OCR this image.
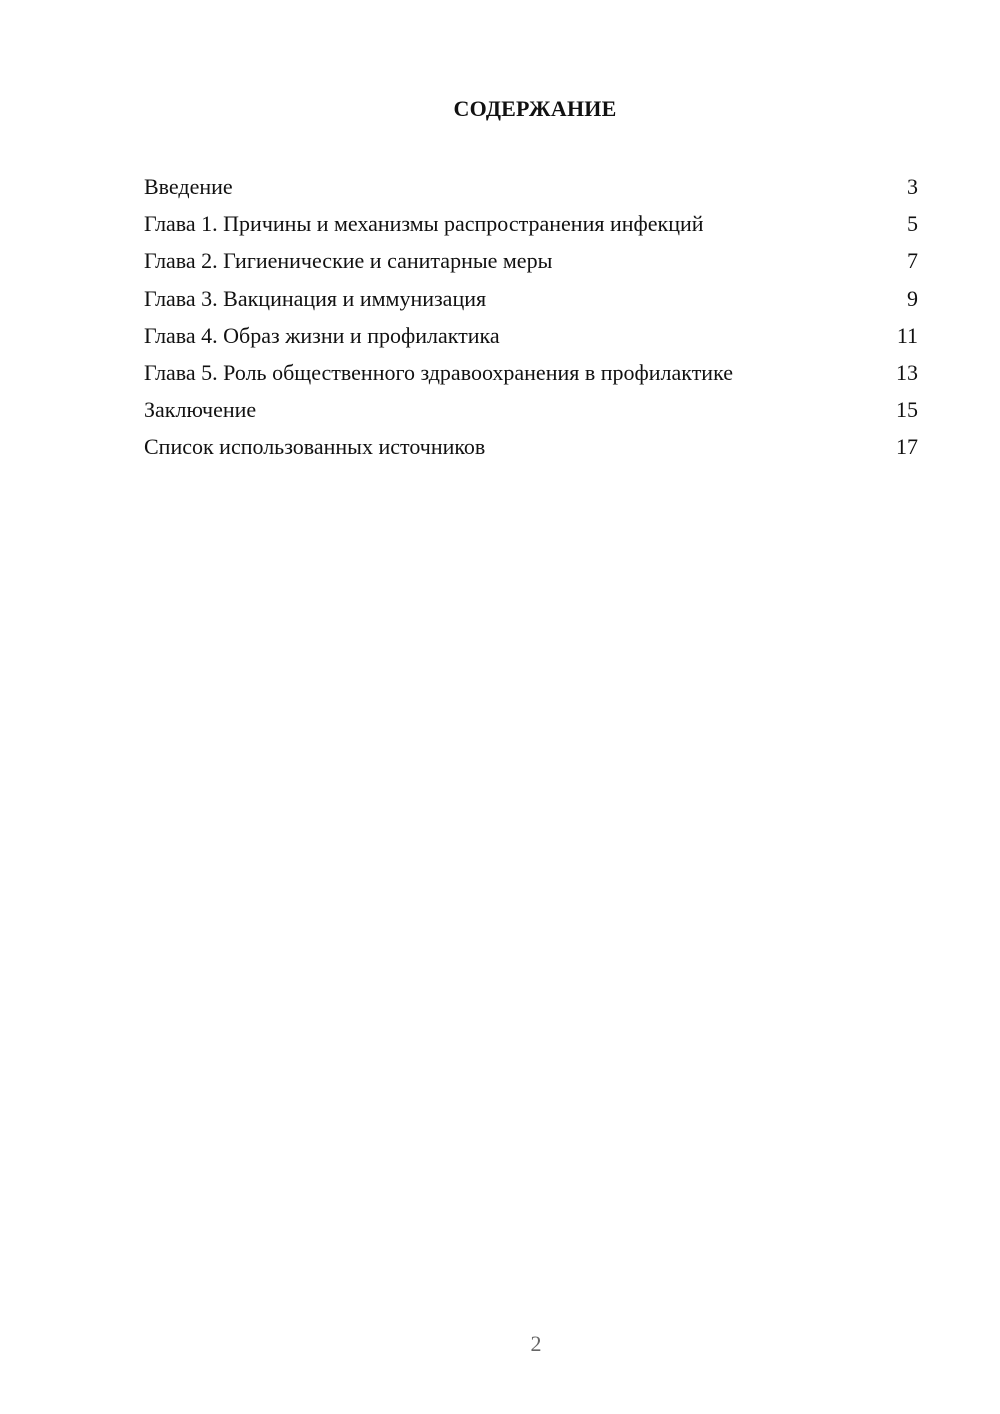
СОДЕРЖАНИЕ
Введение	3
Глава 1. Причины и механизмы распространения инфекций	5
Глава 2. Гигиенические и санитарные меры	7
Глава 3. Вакцинация и иммунизация	9
Глава 4. Образ жизни и профилактика	11
Глава 5. Роль общественного здравоохранения в профилактике	13
Заключение	15
Список использованных источников	17
2
